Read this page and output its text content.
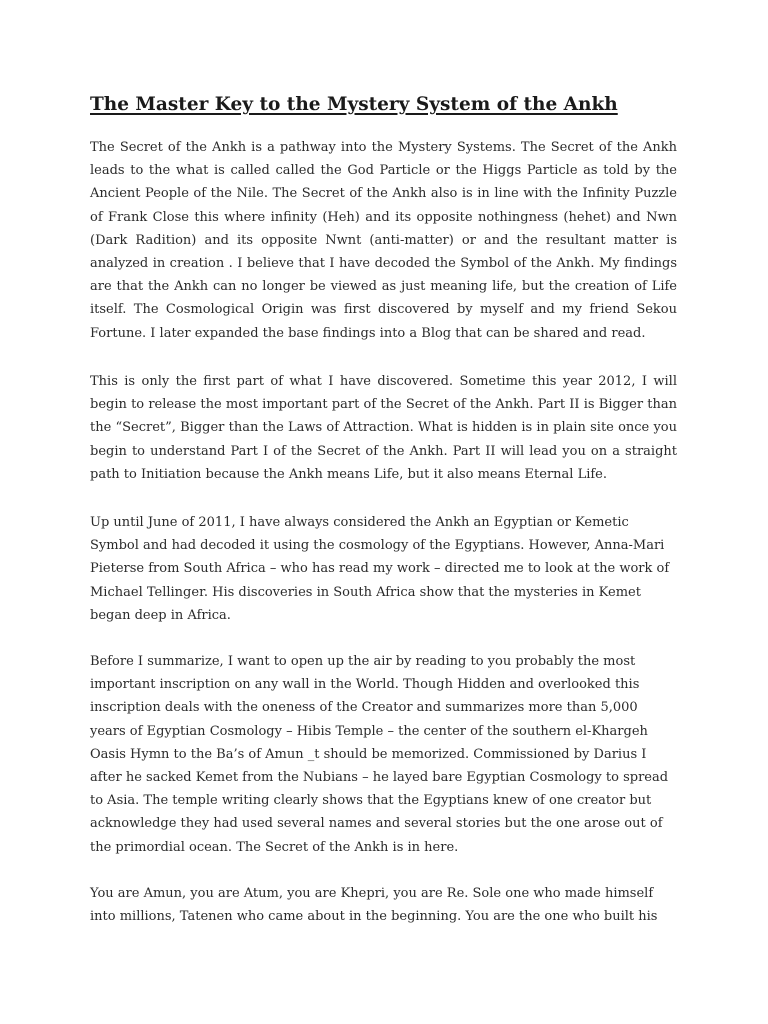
The Master Key to the Mystery System of the Ankh

The Secret of the Ankh is a pathway into the Mystery Systems. The Secret of the Ankh
leads to the what is called called the God Particle or the Higgs Particle as told by the
Ancient People of the Nile. The Secret of the Ankh also is in line with the Infinity Puzzle
of Frank Close this where infinity (Heh) and its opposite nothingness (hehet) and Nwn
(Dark Radition) and its opposite Nwnt (anti-matter) or and the resultant matter is
analyzed in creation . I believe that I have decoded the Symbol of the Ankh. My findings
are that the Ankh can no longer be viewed as just meaning life, but the creation of Life
itself. The Cosmological Origin was first discovered by myself and my friend Sekou
Fortune. I later expanded the base findings into a Blog that can be shared and read.

This is only the first part of what I have discovered. Sometime this year 2012, I will
begin to release the most important part of the Secret of the Ankh. Part II is Bigger than
the “Secret”, Bigger than the Laws of Attraction. What is hidden is in plain site once you
begin to understand Part I of the Secret of the Ankh. Part II will lead you on a straight
path to Initiation because the Ankh means Life, but it also means Eternal Life.

Up until June of 2011, I have always considered the Ankh an Egyptian or Kemetic
Symbol and had decoded it using the cosmology of the Egyptians. However, Anna-Mari
Pieterse from South Africa – who has read my work – directed me to look at the work of
Michael Tellinger. His discoveries in South Africa show that the mysteries in Kemet
began deep in Africa.

Before I summarize, I want to open up the air by reading to you probably the most
important inscription on any wall in the World. Though Hidden and overlooked this
inscription deals with the oneness of the Creator and summarizes more than 5,000
years of Egyptian Cosmology – Hibis Temple – the center of the southern el-Khargeh
Oasis Hymn to the Ba’s of Amun _t should be memorized. Commissioned by Darius I
after he sacked Kemet from the Nubians – he layed bare Egyptian Cosmology to spread
to Asia. The temple writing clearly shows that the Egyptians knew of one creator but
acknowledge they had used several names and several stories but the one arose out of
the primordial ocean. The Secret of the Ankh is in here.

You are Amun, you are Atum, you are Khepri, you are Re. Sole one who made himself
into millions, Tatenen who came about in the beginning. You are the one who built his
